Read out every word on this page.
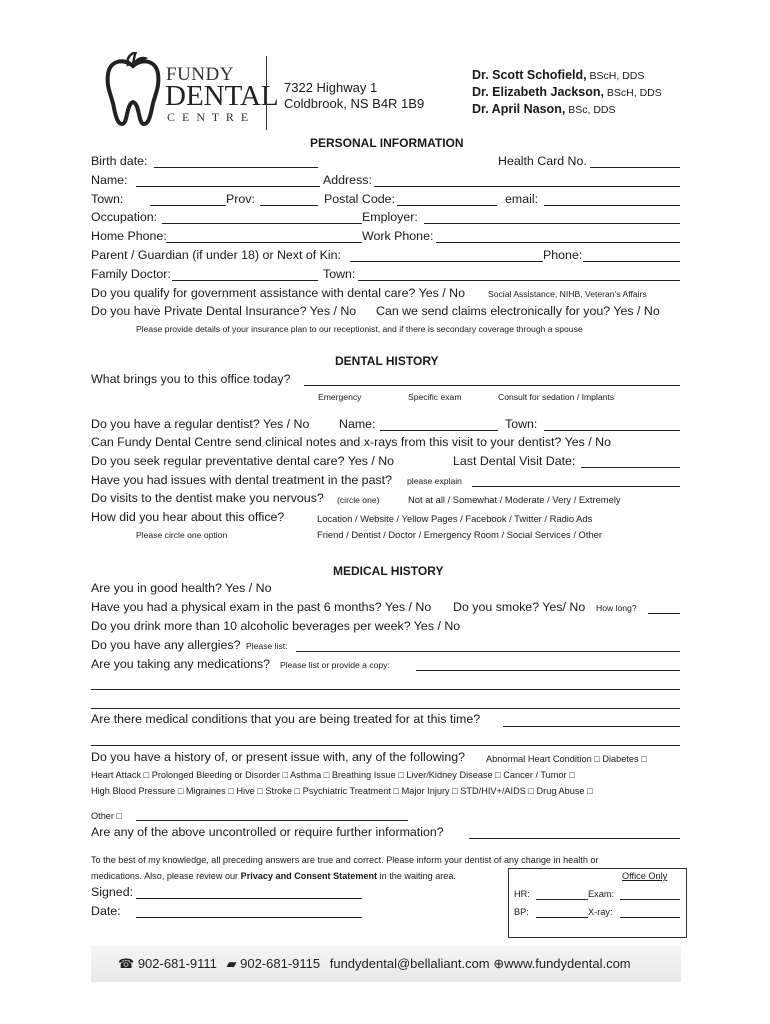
FUNDY
DENTAL
C E N T R E
7322 Highway 1
Coldbrook, NS B4R 1B9
Dr. Scott Schofield, BScH, DDS
Dr. Elizabeth Jackson, BScH, DDS
Dr. April Nason, BSc, DDS
PERSONAL INFORMATION
Birth date:	Health Card No.
Name:	Address:
Town:	Prov:	Postal Code:	email:
Occupation:	Employer:
Home Phone:	Work Phone:
Parent / Guardian (if under 18) or Next of Kin:	Phone:
Family Doctor:	Town:
Do you qualify for government assistance with dental care? Yes / No	Social Assistance, NIHB, Veteran’s Affairs
Do you have Private Dental Insurance? Yes / No Can we send claims electronically for you? Yes / No
Please provide details of your insurance plan to our receptionist, and if there is secondary coverage through a spouse
DENTAL HISTORY
What brings you to this office today?
Emergency	Specific exam	Consult for sedation / Implants
Do you have a regular dentist? Yes / No Name:	Town:
Can Fundy Dental Centre send clinical notes and x-rays from this visit to your dentist? Yes / No
Do you seek regular preventative dental care? Yes / No	Last Dental Visit Date:
Have you had issues with dental treatment in the past? please explain
Do visits to the dentist make you nervous? (circle one)	Not at all / Somewhat / Moderate / Very / Extremely
How did you hear about this office?	Location / Website / Yellow Pages / Facebook / Twitter / Radio Ads
Please circle one option	Friend / Dentist / Doctor / Emergency Room / Social Services / Other
MEDICAL HISTORY
Are you in good health? Yes / No
Have you had a physical exam in the past 6 months? Yes / No Do you smoke? Yes/ No How long?
Do you drink more than 10 alcoholic beverages per week? Yes / No
Do you have any allergies? Please list:
Are you taking any medications? Please list or provide a copy:
Are there medical conditions that you are being treated for at this time?
Do you have a history of, or present issue with, any of the following? Abnormal Heart Condition □ Diabetes □
Heart Attack □ Prolonged Bleeding or Disorder □ Asthma □ Breathing Issue □ Liver/Kidney Disease □ Cancer / Tumor □
High Blood Pressure □ Migraines □ Hive □ Stroke □ Psychiatric Treatment □ Major Injury □ STD/HIV+/AIDS □ Drug Abuse □
Other □
Are any of the above uncontrolled or require further information?
To the best of my knowledge, all preceding answers are true and correct. Please inform your dentist of any change in health or
medications. Also, please review our Privacy and Consent Statement in the waiting area.
Signed:
Date:
Office Only
HR:	Exam:
BP:	X-ray:
☎ 902-681-9111 ▰ 902-681-9115 fundydental@bellaliant.com ⊕www.fundydental.com
